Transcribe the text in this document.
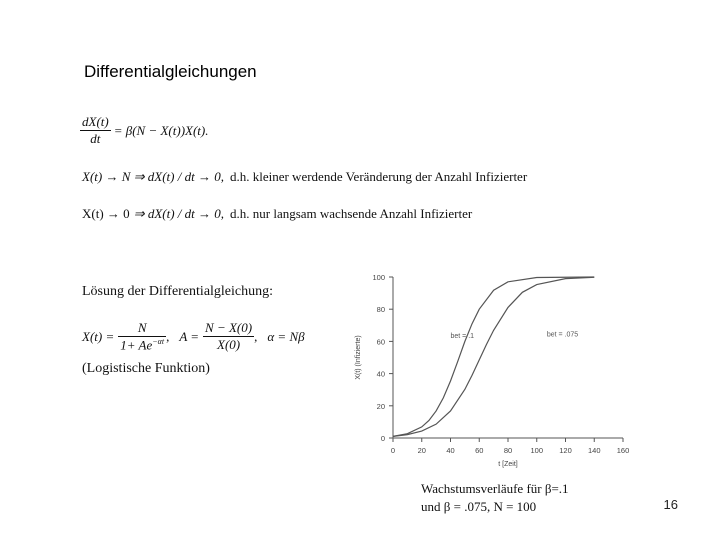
Differentialgleichungen
$\frac{dX(t)}{dt} = \beta(N - X(t))X(t)$.
X(t) → N ⇒ dX(t) / dt → 0, d.h. kleiner werdende Veränderung der Anzahl Infizierter
X(t) → 0 ⇒ dX(t) / dt → 0, d.h. nur langsam wachsende Anzahl Infizierter
Lösung der Differentialgleichung:
$X(t) = \frac{N}{1+ Ae^{-\alpha t}}$ , $A = \frac{N - X(0)}{X(0)}$ , α = Nβ
(Logistische Funktion)
0	20	40	60	80 100 120 140 160
0
20
40
60
80
100
t [Zeit]
X(t) (Infizierte)	bet = .1	bet = .075
Wachstumsverläufe für β=.1
und β = .075, N = 100	16
